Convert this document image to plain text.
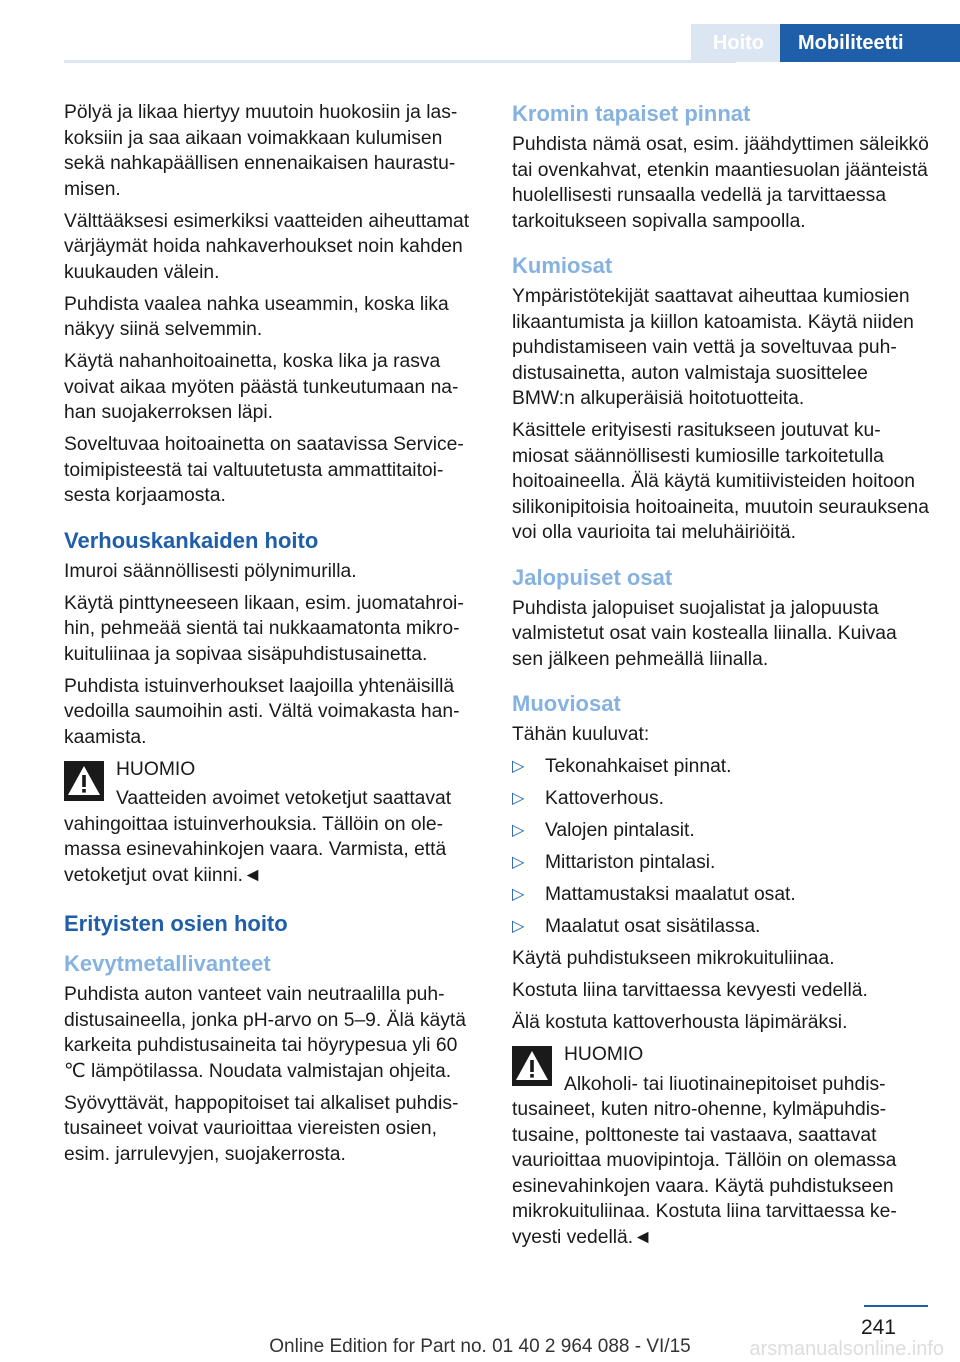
Hoito	Mobiliteetti

Pölyä ja likaa hiertyy muutoin huokosiin ja laskoksiin ja saa aikaan voimakkaan kulumisen sekä nahkapäällisen ennenaikaisen haurastumisen.

Välttääksesi esimerkiksi vaatteiden aiheuttamat värjäymät hoida nahkaverhoukset noin kahden kuukauden välein.

Puhdista vaalea nahka useammin, koska lika näkyy siinä selvemmin.

Käytä nahanhoitoainetta, koska lika ja rasva voivat aikaa myöten päästä tunkeutumaan nahan suojakerroksen läpi.

Soveltuvaa hoitoainetta on saatavissa Service-toimipisteestä tai valtuutetusta ammattitaitoisesta korjaamosta.

Verhouskankaiden hoito

Imuroi säännöllisesti pölynimurilla.

Käytä pinttyneeseen likaan, esim. juomatahroihin, pehmeää sientä tai nukkaamatonta mikrokuituliinaa ja sopivaa sisäpuhdistusainetta.

Puhdista istuinverhoukset laajoilla yhtenäisillä vedoilla saumoihin asti. Vältä voimakasta hankaamista.

HUOMIO

Vaatteiden avoimet vetoketjut saattavat vahingoittaa istuinverhouksia. Tällöin on olemassa esinevahinkojen vaara. Varmista, että vetoketjut ovat kiinni.◄

Erityisten osien hoito
Kevytmetallivanteet

Puhdista auton vanteet vain neutraalilla puhdistusaineella, jonka pH-arvo on 5–9. Älä käytä karkeita puhdistusaineita tai höyrypesua yli 60 ℃ lämpötilassa. Noudata valmistajan ohjeita.

Syövyttävät, happopitoiset tai alkaliset puhdistusaineet voivat vaurioittaa viereisten osien, esim. jarrulevyjen, suojakerrosta.

Kromin tapaiset pinnat

Puhdista nämä osat, esim. jäähdyttimen säleikkö tai ovenkahvat, etenkin maantiesuolan jäänteistä huolellisesti runsaalla vedellä ja tarvittaessa tarkoitukseen sopivalla sampoolla.

Kumiosat

Ympäristötekijät saattavat aiheuttaa kumiosien likaantumista ja kiillon katoamista. Käytä niiden puhdistamiseen vain vettä ja soveltuvaa puhdistusainetta, auton valmistaja suosittelee BMW:n alkuperäisiä hoitotuotteita.

Käsittele erityisesti rasitukseen joutuvat kumiosat säännöllisesti kumiosille tarkoitetulla hoitoaineella. Älä käytä kumitiivisteiden hoitoon silikonipitoisia hoitoaineita, muutoin seurauksena voi olla vaurioita tai meluhäiriöitä.

Jalopuiset osat

Puhdista jalopuiset suojalistat ja jalopuusta valmistetut osat vain kostealla liinalla. Kuivaa sen jälkeen pehmeällä liinalla.

Muoviosat

Tähän kuuluvat:

▷ Tekonahkaiset pinnat.
▷ Kattoverhous.
▷ Valojen pintalasit.
▷ Mittariston pintalasi.
▷ Mattamustaksi maalatut osat.
▷ Maalatut osat sisätilassa.

Käytä puhdistukseen mikrokuituliinaa.

Kostuta liina tarvittaessa kevyesti vedellä.

Älä kostuta kattoverhousta läpimäräksi.

HUOMIO

Alkoholi- tai liuotinainepitoiset puhdistusaineet, kuten nitro-ohenne, kylmäpuhdistusaine, polttoneste tai vastaava, saattavat vaurioittaa muovipintoja. Tällöin on olemassa esinevahinkojen vaara. Käytä puhdistukseen mikrokuituliinaa. Kostuta liina tarvittaessa kevyesti vedellä.◄

241
arsmanualsonline.info
Online Edition for Part no. 01 40 2 964 088 - VI/15
